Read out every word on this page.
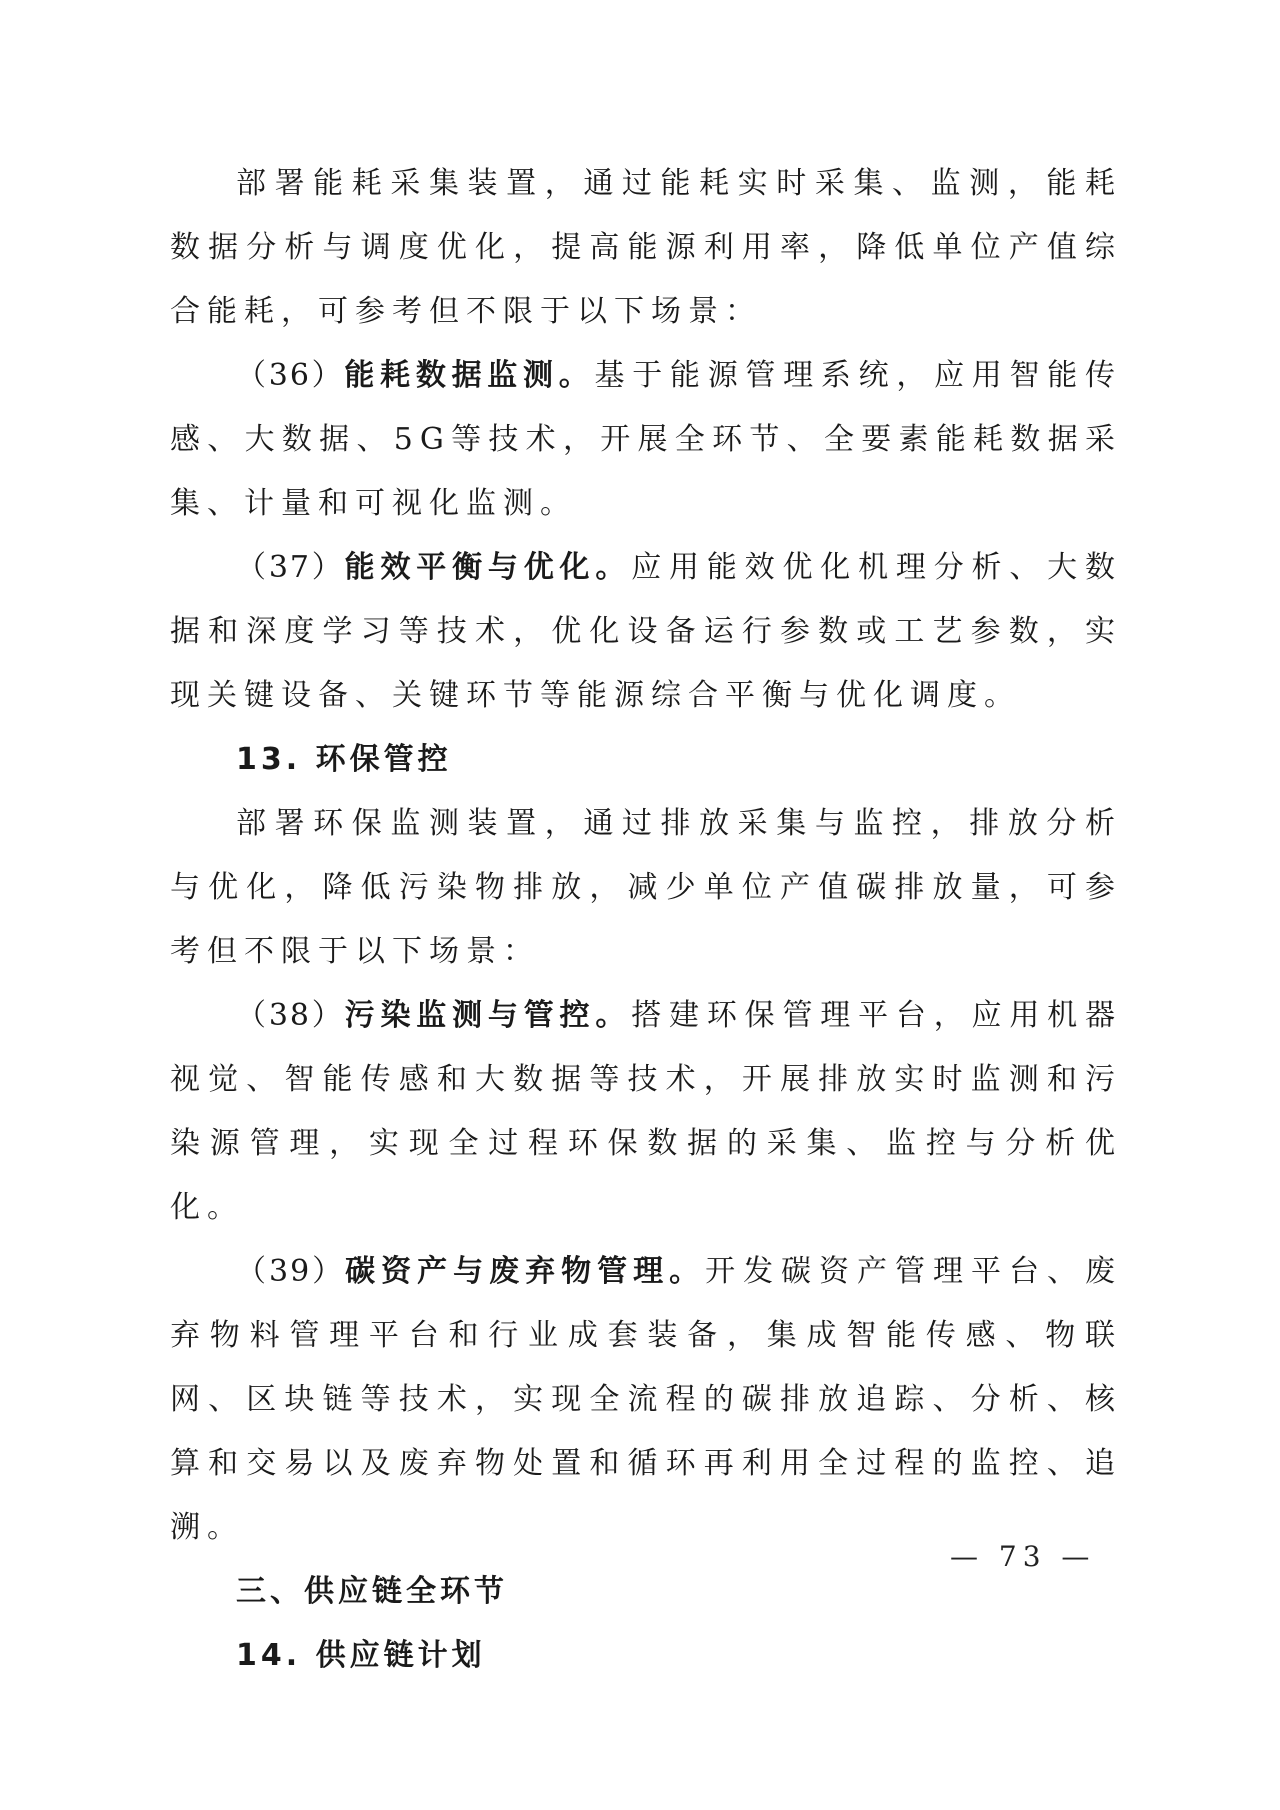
部署能耗采集装置，通过能耗实时采集、监测，能耗数据分析与调度优化，提高能源利用率，降低单位产值综合能耗，可参考但不限于以下场景：

（36）能耗数据监测。基于能源管理系统，应用智能传感、大数据、5G等技术，开展全环节、全要素能耗数据采集、计量和可视化监测。

（37）能效平衡与优化。应用能效优化机理分析、大数据和深度学习等技术，优化设备运行参数或工艺参数，实现关键设备、关键环节等能源综合平衡与优化调度。

13. 环保管控

部署环保监测装置，通过排放采集与监控，排放分析与优化，降低污染物排放，减少单位产值碳排放量，可参考但不限于以下场景：

（38）污染监测与管控。搭建环保管理平台，应用机器视觉、智能传感和大数据等技术，开展排放实时监测和污染源管理，实现全过程环保数据的采集、监控与分析优化。

（39）碳资产与废弃物管理。开发碳资产管理平台、废弃物料管理平台和行业成套装备，集成智能传感、物联网、区块链等技术，实现全流程的碳排放追踪、分析、核算和交易以及废弃物处置和循环再利用全过程的监控、追溯。

三、供应链全环节

14. 供应链计划

— 73 —
